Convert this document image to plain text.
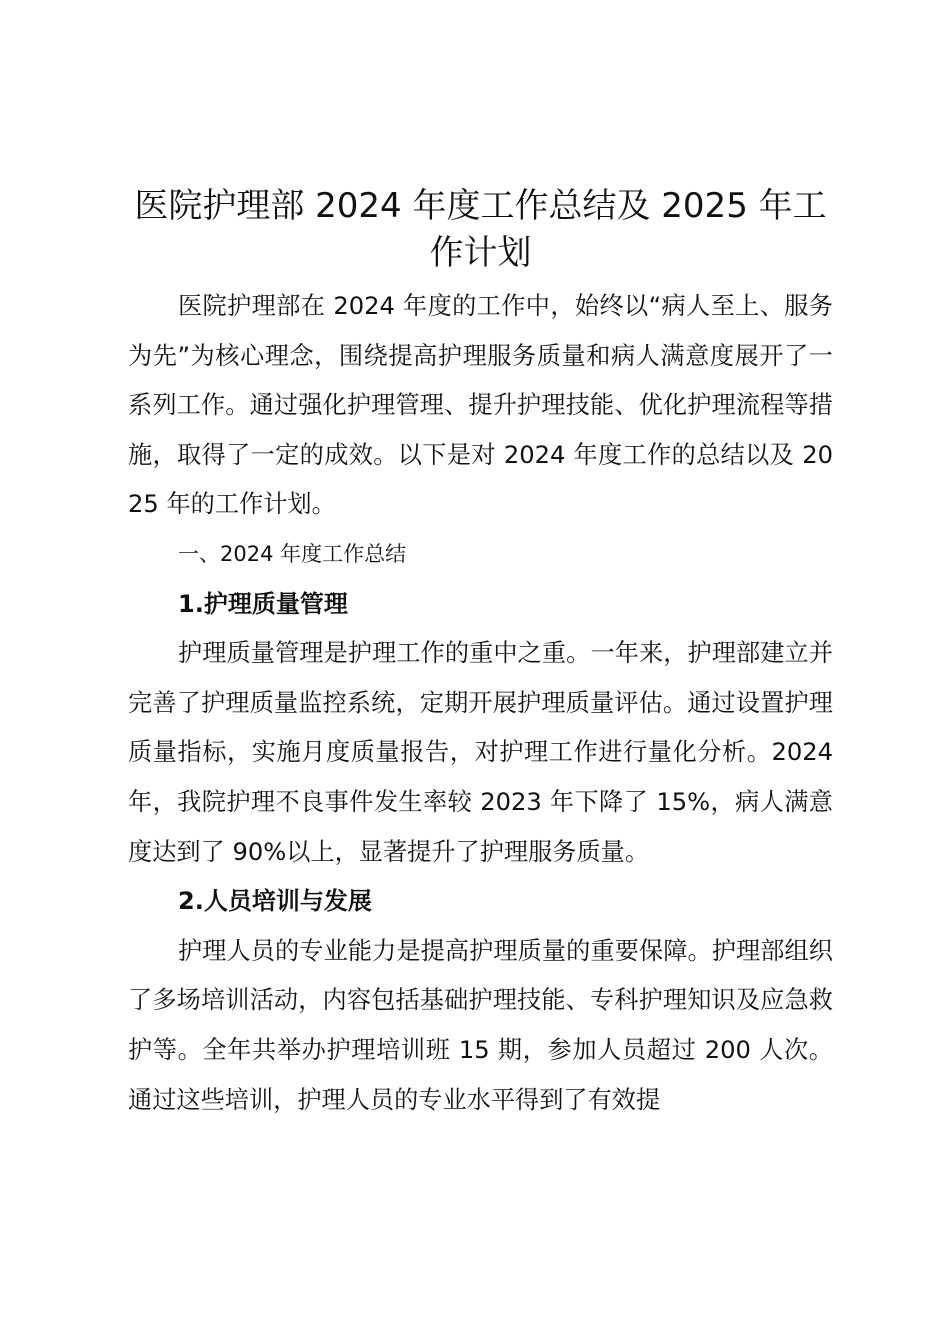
医院护理部 2024 年度工作总结及 2025 年工作计划

医院护理部在 2024 年度的工作中，始终以“病人至上、服务为先”为核心理念，围绕提高护理服务质量和病人满意度展开了一系列工作。通过强化护理管理、提升护理技能、优化护理流程等措施，取得了一定的成效。以下是对 2024 年度工作的总结以及 2025 年的工作计划。

一、2024 年度工作总结

1.护理质量管理

护理质量管理是护理工作的重中之重。一年来，护理部建立并完善了护理质量监控系统，定期开展护理质量评估。通过设置护理质量指标，实施月度质量报告，对护理工作进行量化分析。2024 年，我院护理不良事件发生率较 2023 年下降了 15%，病人满意度达到了 90%以上，显著提升了护理服务质量。

2.人员培训与发展

护理人员的专业能力是提高护理质量的重要保障。护理部组织了多场培训活动，内容包括基础护理技能、专科护理知识及应急救护等。全年共举办护理培训班 15 期，参加人员超过 200 人次。通过这些培训，护理人员的专业水平得到了有效提
